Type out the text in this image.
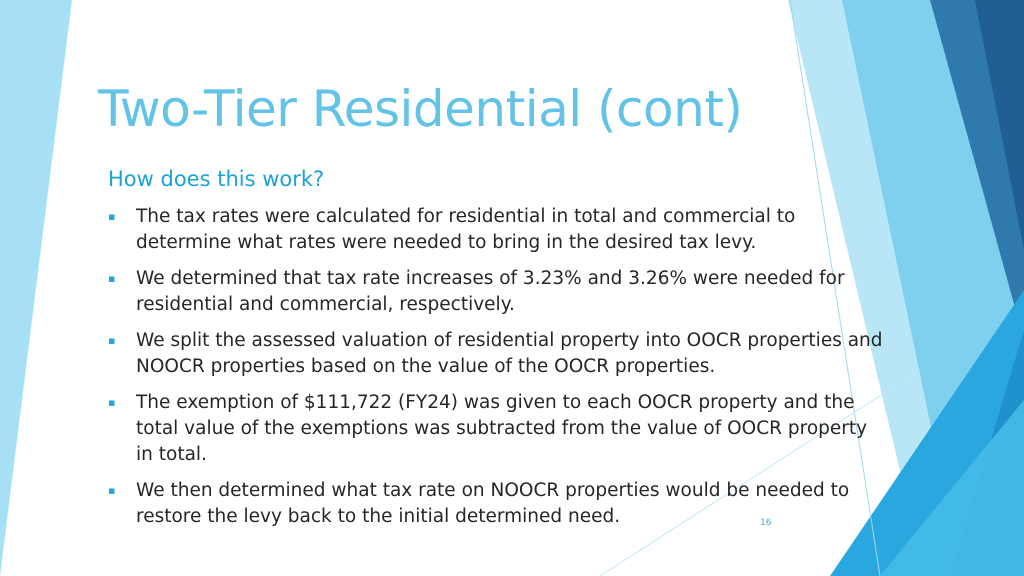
Two-Tier Residential (cont)
How does this work?
▪	The tax rates were calculated for residential in total and commercial to determine what rates were needed to bring in the desired tax levy.
▪	We determined that tax rate increases of 3.23% and 3.26% were needed for residential and commercial, respectively.
▪	We split the assessed valuation of residential property into OOCR properties and NOOCR properties based on the value of the OOCR properties.
▪	The exemption of $111,722 (FY24) was given to each OOCR property and the total value of the exemptions was subtracted from the value of OOCR property in total.
▪	We then determined what tax rate on NOOCR properties would be needed to restore the levy back to the initial determined need.	16
